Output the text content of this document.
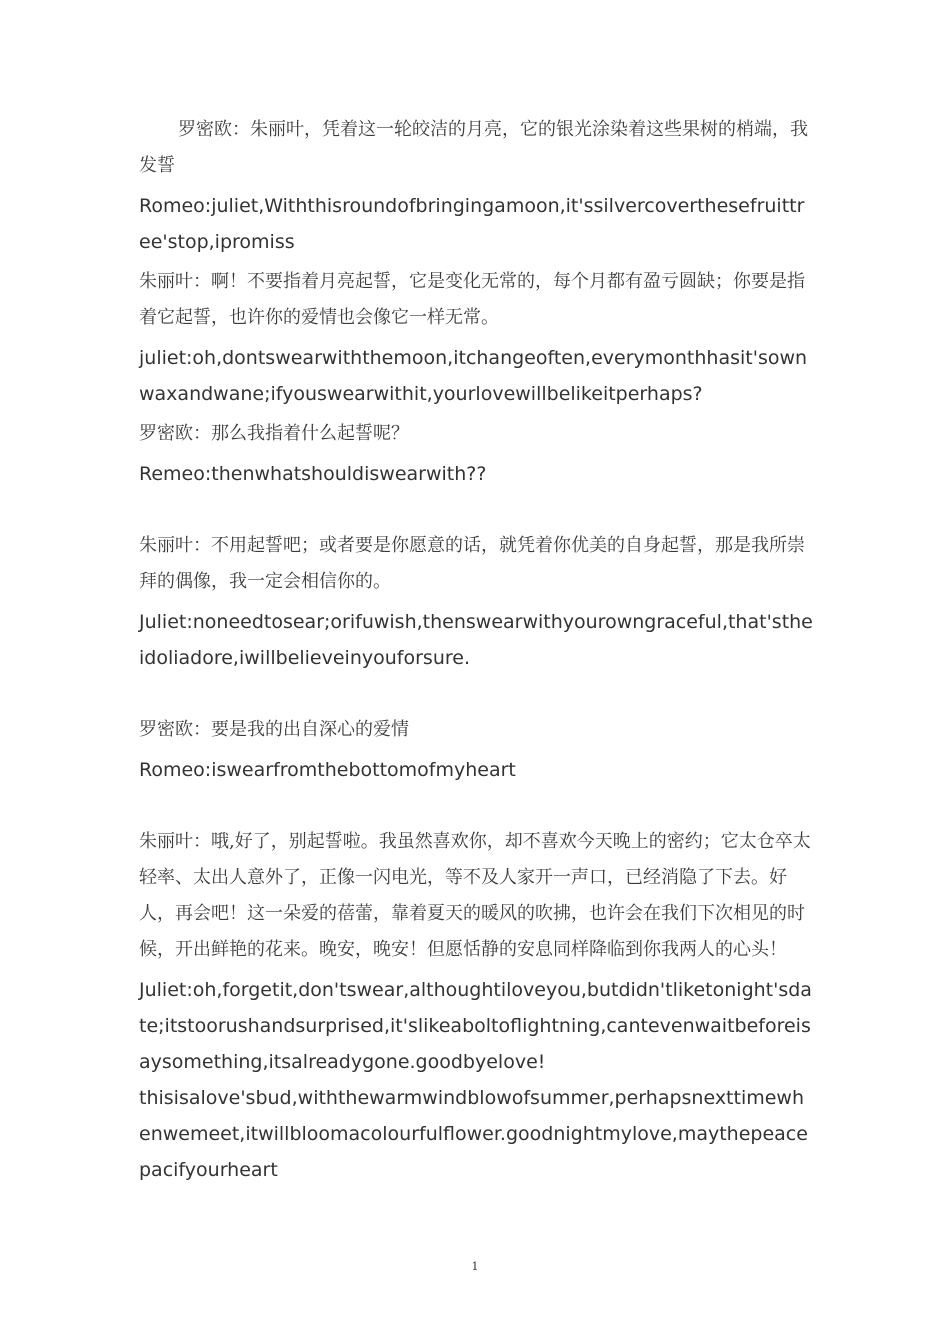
罗密欧：朱丽叶，凭着这一轮皎洁的月亮，它的银光涂染着这些果树的梢端，我发誓

Romeo:juliet,Withthisroundofbringingamoon,it'ssilvercoverthesefruittree'stop,ipromiss

朱丽叶：啊！不要指着月亮起誓，它是变化无常的，每个月都有盈亏圆缺；你要是指着它起誓，也许你的爱情也会像它一样无常。

juliet:oh,dontswearwiththemoon,itchangeoften,everymonthhasit'sownwaxandwane;ifyouswearwithit,yourlovewillbelikeitperhaps?

罗密欧：那么我指着什么起誓呢？

Remeo:thenwhatshouldiswearwith??

朱丽叶：不用起誓吧；或者要是你愿意的话，就凭着你优美的自身起誓，那是我所崇拜的偶像，我一定会相信你的。

Juliet:noneedtosear;orifuwish,thenswearwithyourowngraceful,that'stheidoliadore,iwillbelieveinyouforsure.

罗密欧：要是我的出自深心的爱情

Romeo:iswearfromthebottomofmyheart

朱丽叶：哦,好了，别起誓啦。我虽然喜欢你，却不喜欢今天晚上的密约；它太仓卒太轻率、太出人意外了，正像一闪电光，等不及人家开一声口，已经消隐了下去。好人，再会吧！这一朵爱的蓓蕾，靠着夏天的暖风的吹拂，也许会在我们下次相见的时候，开出鲜艳的花来。晚安，晚安！但愿恬静的安息同样降临到你我两人的心头！

Juliet:oh,forgetit,don'tswear,althoughtiloveyou,butdidn'tliketonight'sdate;itstoorushandsurprised,it'slikeaboltoflightning,cantevenwaitbeforeisaysomething,itsalreadygone.goodbyelove!

thisisalove'sbud,withthewarmwindblowofsummer,perhapsnexttimewhenwemeet,itwillbloomacolourfulflower.goodnightmylove,maythepeacepacifyourheart

1
